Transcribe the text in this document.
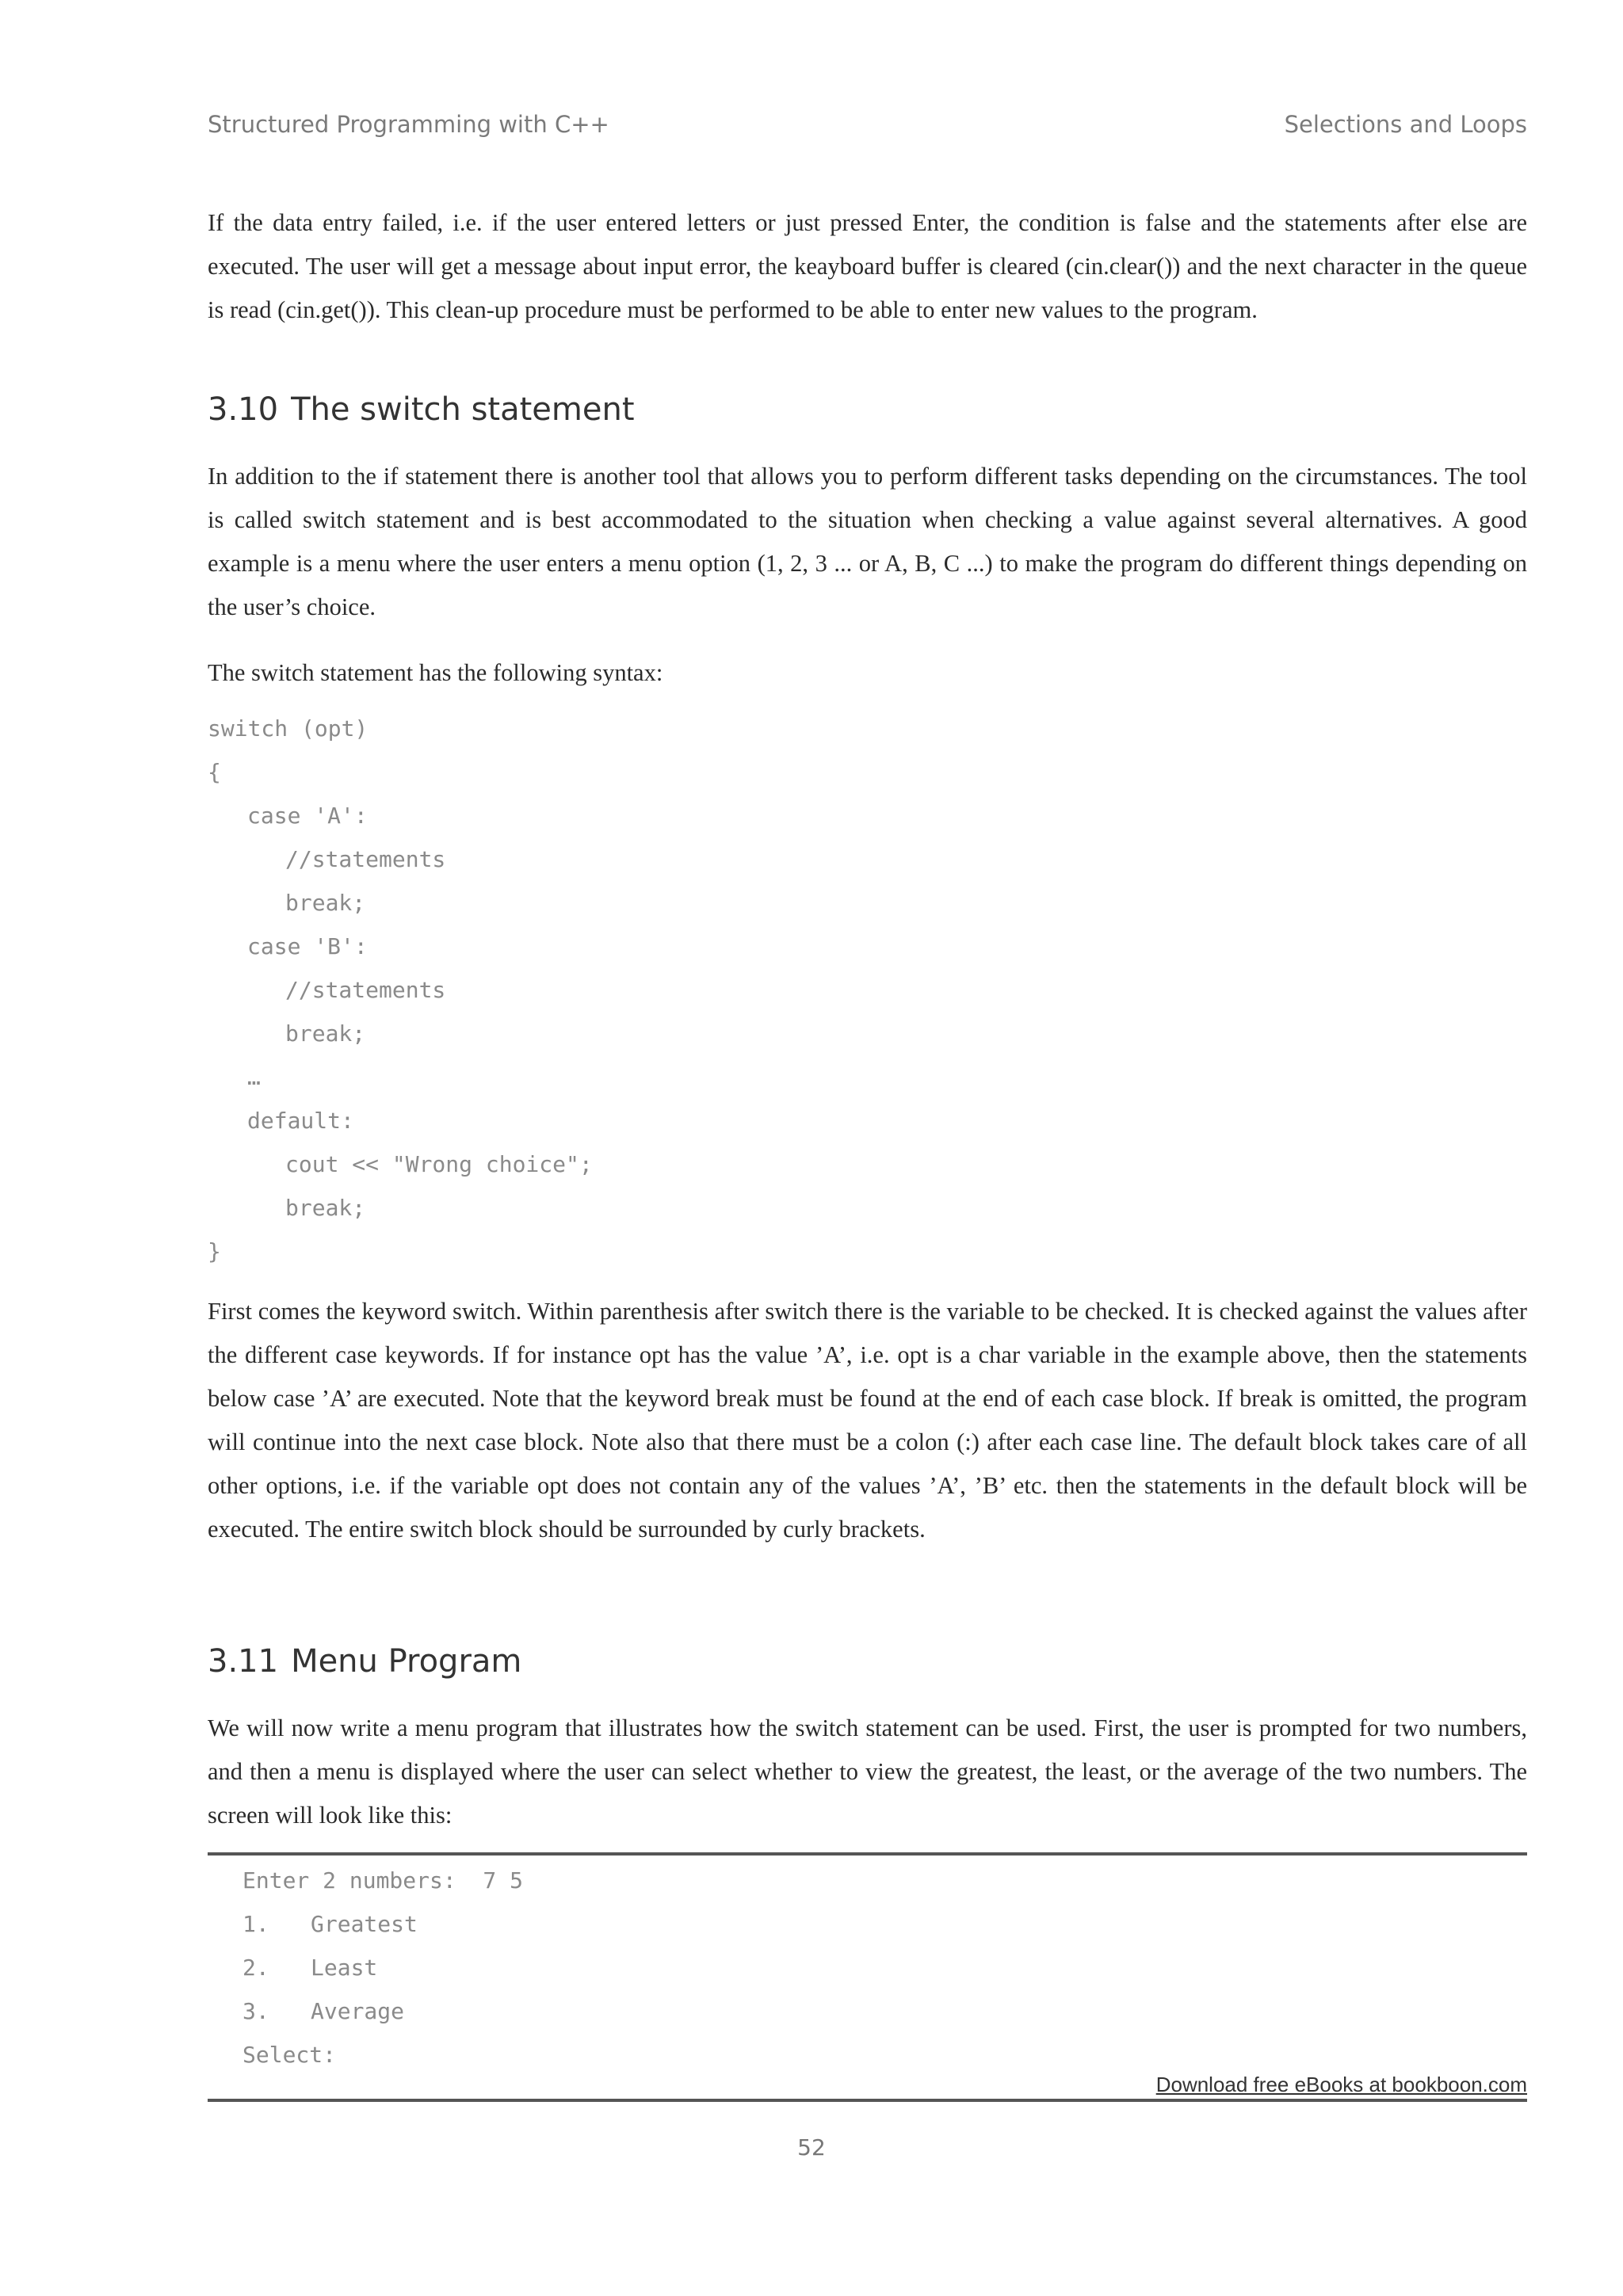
Structured Programming with C++	Selections and Loops

If the data entry failed, i.e. if the user entered letters or just pressed Enter, the condition is false and the statements after else are executed. The user will get a message about input error, the keayboard buffer is cleared (cin.clear()) and the next character in the queue is read (cin.get()). This clean-up procedure must be performed to be able to enter new values to the program.

3.10 The switch statement

In addition to the if statement there is another tool that allows you to perform different tasks depending on the circumstances. The tool is called switch statement and is best accommodated to the situation when checking a value against several alternatives. A good example is a menu where the user enters a menu option (1, 2, 3 ... or A, B, C ...) to make the program do different things depending on the user’s choice.

The switch statement has the following syntax:

switch (opt)
{
case 'A':
//statements
break;
case 'B':
//statements
break;
…
default:
cout << "Wrong choice";
break;
}

First comes the keyword switch. Within parenthesis after switch there is the variable to be checked. It is checked against the values after the different case keywords. If for instance opt has the value ’A’, i.e. opt is a char variable in the example above, then the statements below case ’A’ are executed. Note that the keyword break must be found at the end of each case block. If break is omitted, the program will continue into the next case block. Note also that there must be a colon (:) after each case line. The default block takes care of all other options, i.e. if the variable opt does not contain any of the values ’A’, ’B’ etc. then the statements in the default block will be executed. The entire switch block should be surrounded by curly brackets.

3.11 Menu Program

We will now write a menu program that illustrates how the switch statement can be used. First, the user is prompted for two numbers, and then a menu is displayed where the user can select whether to view the greatest, the least, or the average of the two numbers. The screen will look like this:

Enter 2 numbers:  7 5
1. Greatest
2. Least
3. Average
Select:
Download free eBooks at bookboon.com
52
